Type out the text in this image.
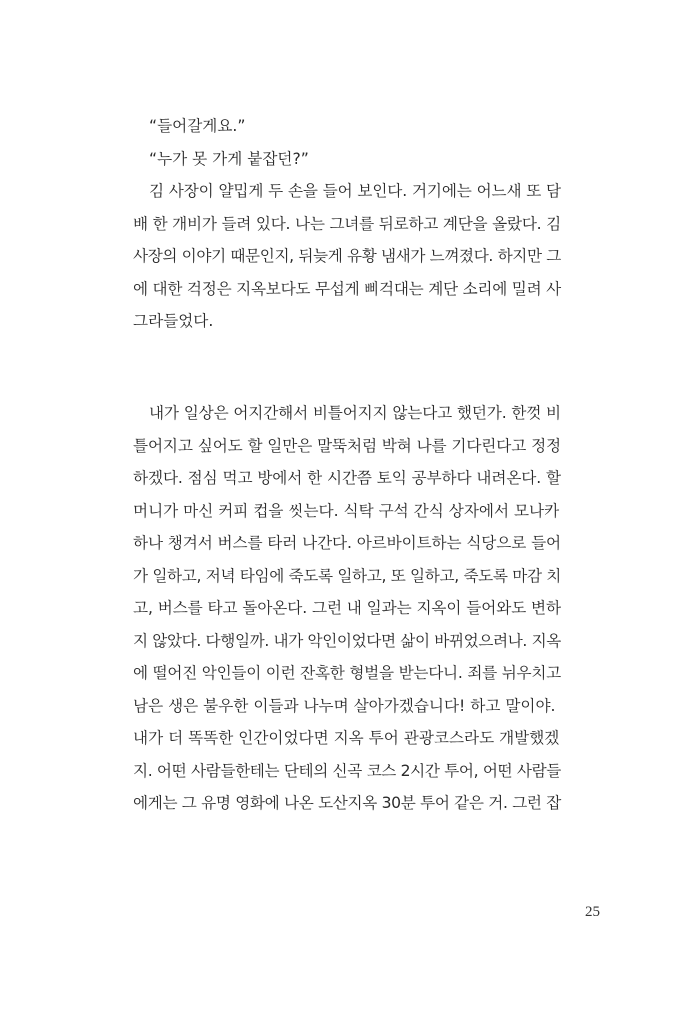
“들어갈게요.”
“누가 못 가게 붙잡던?”
김 사장이 얄밉게 두 손을 들어 보인다. 거기에는 어느새 또 담
배 한 개비가 들려 있다. 나는 그녀를 뒤로하고 계단을 올랐다. 김
사장의 이야기 때문인지, 뒤늦게 유황 냄새가 느껴졌다. 하지만 그
에 대한 걱정은 지옥보다도 무섭게 삐걱대는 계단 소리에 밀려 사
그라들었다.
내가 일상은 어지간해서 비틀어지지 않는다고 했던가. 한껏 비
틀어지고 싶어도 할 일만은 말뚝처럼 박혀 나를 기다린다고 정정
하겠다. 점심 먹고 방에서 한 시간쯤 토익 공부하다 내려온다. 할
머니가 마신 커피 컵을 씻는다. 식탁 구석 간식 상자에서 모나카
하나 챙겨서 버스를 타러 나간다. 아르바이트하는 식당으로 들어
가 일하고, 저녁 타임에 죽도록 일하고, 또 일하고, 죽도록 마감 치
고, 버스를 타고 돌아온다. 그런 내 일과는 지옥이 들어와도 변하
지 않았다. 다행일까. 내가 악인이었다면 삶이 바뀌었으려나. 지옥
에 떨어진 악인들이 이런 잔혹한 형벌을 받는다니. 죄를 뉘우치고
남은 생은 불우한 이들과 나누며 살아가겠습니다! 하고 말이야.
내가 더 똑똑한 인간이었다면 지옥 투어 관광코스라도 개발했겠
지. 어떤 사람들한테는 단테의 신곡 코스 2시간 투어, 어떤 사람들
에게는 그 유명 영화에 나온 도산지옥 30분 투어 같은 거. 그런 잡
25
